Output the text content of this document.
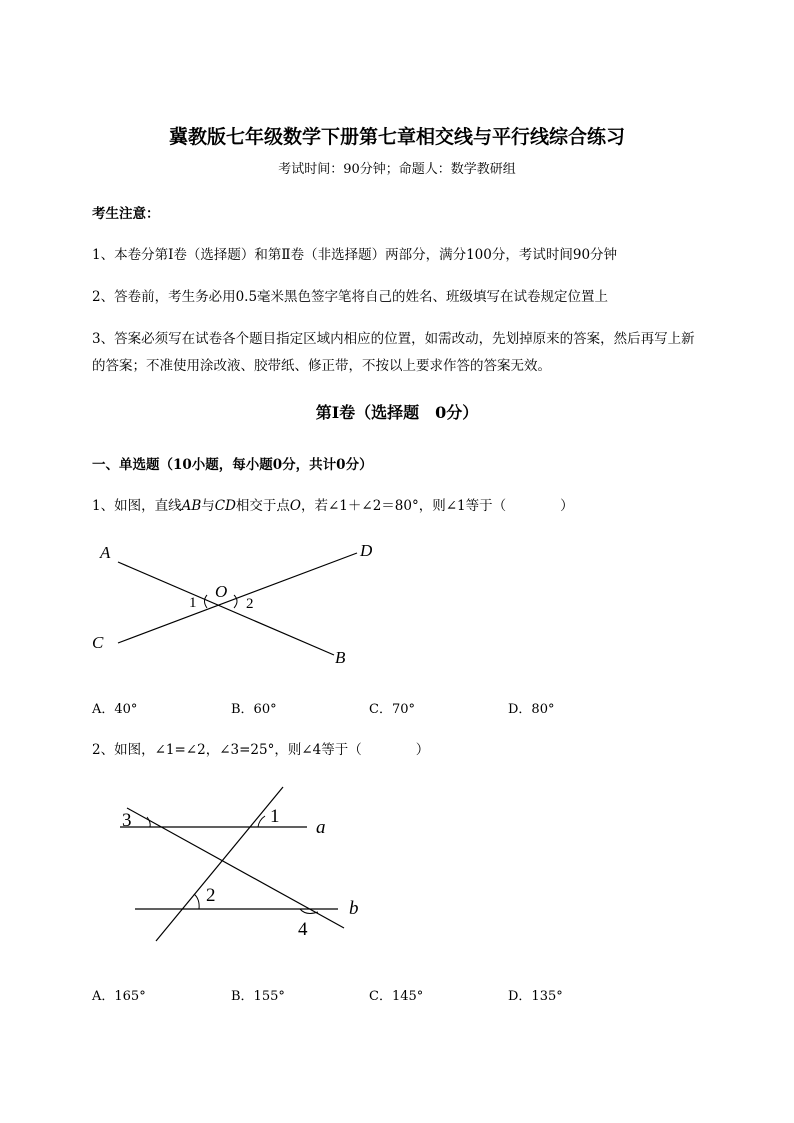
冀教版七年级数学下册第七章相交线与平行线综合练习
考试时间：90分钟；命题人：数学教研组
考生注意：
1、本卷分第I卷（选择题）和第Ⅱ卷（非选择题）两部分，满分100分，考试时间90分钟
2、答卷前，考生务必用0.5毫米黑色签字笔将自己的姓名、班级填写在试卷规定位置上
3、答案必须写在试卷各个题目指定区域内相应的位置，如需改动，先划掉原来的答案，然后再写上新
的答案；不准使用涂改液、胶带纸、修正带，不按以上要求作答的答案无效。
第I卷（选择题　0分）
一、单选题（10小题，每小题0分，共计0分）
1、如图，直线AB与CD相交于点O，若∠1＋∠2＝80°，则∠1等于（　　　　）
A	D
O
1	2
C
B
3	1
a
2
b
4
A．40°	B．60°	C．70°	D．80°
2、如图，∠1=∠2，∠3=25°，则∠4等于（　　　　）
A．165°	B．155°	C．145°	D．135°
